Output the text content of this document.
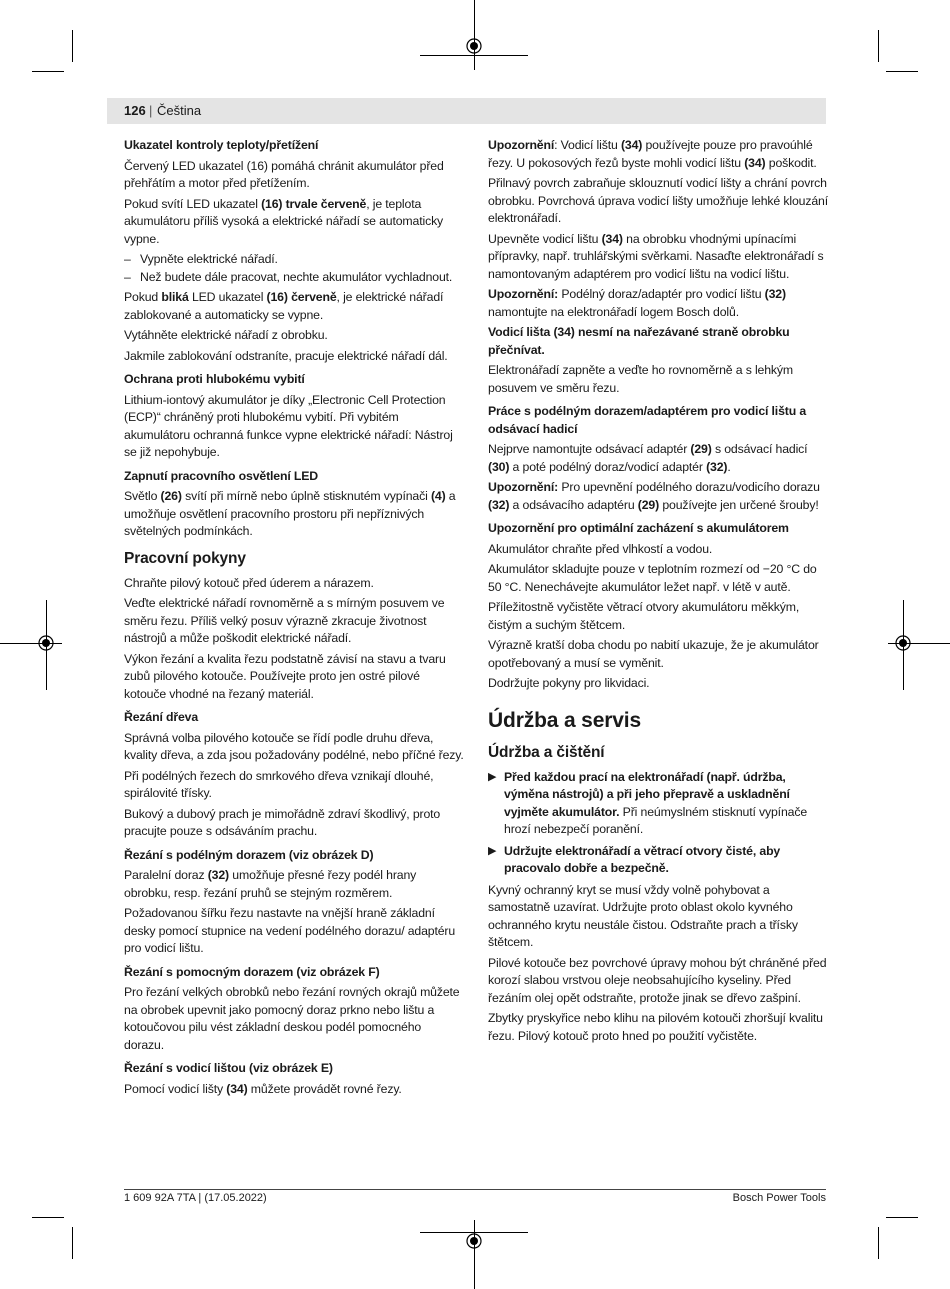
126 | Čeština
Ukazatel kontroly teploty/přetížení

Červený LED ukazatel (16) pomáhá chránit akumulátor před přehřátím a motor před přetížením.

Pokud svítí LED ukazatel (16) trvale červeně, je teplota akumulátoru příliš vysoká a elektrické nářadí se automaticky vypne.

– Vypněte elektrické nářadí.
– Než budete dále pracovat, nechte akumulátor vychladnout.

Pokud bliká LED ukazatel (16) červeně, je elektrické nářadí zablokované a automaticky se vypne.

Vytáhněte elektrické nářadí z obrobku.

Jakmile zablokování odstraníte, pracuje elektrické nářadí dál.

Ochrana proti hlubokému vybití

Lithium-iontový akumulátor je díky „Electronic Cell Protection (ECP)“ chráněný proti hlubokému vybití. Při vybitém akumulátoru ochranná funkce vypne elektrické nářadí: Nástroj se již nepohybuje.

Zapnutí pracovního osvětlení LED

Světlo (26) svítí při mírně nebo úplně stisknutém vypínači (4) a umožňuje osvětlení pracovního prostoru při nepříznivých světelných podmínkách.

Pracovní pokyny

Chraňte pilový kotouč před úderem a nárazem.

Veďte elektrické nářadí rovnoměrně a s mírným posuvem ve směru řezu. Příliš velký posuv výrazně zkracuje životnost nástrojů a může poškodit elektrické nářadí.

Výkon řezání a kvalita řezu podstatně závisí na stavu a tvaru zubů pilového kotouče. Používejte proto jen ostré pilové kotouče vhodné na řezaný materiál.

Řezání dřeva

Správná volba pilového kotouče se řídí podle druhu dřeva, kvality dřeva, a zda jsou požadovány podélné, nebo příčné řezy.

Při podélných řezech do smrkového dřeva vznikají dlouhé, spirálovité třísky.

Bukový a dubový prach je mimořádně zdraví škodlivý, proto pracujte pouze s odsáváním prachu.

Řezání s podélným dorazem (viz obrázek D)

Paralelní doraz (32) umožňuje přesné řezy podél hrany obrobku, resp. řezání pruhů se stejným rozměrem.

Požadovanou šířku řezu nastavte na vnější hraně základní desky pomocí stupnice na vedení podélného dorazu/ adaptéru pro vodicí lištu.

Řezání s pomocným dorazem (viz obrázek F)

Pro řezání velkých obrobků nebo řezání rovných okrajů můžete na obrobek upevnit jako pomocný doraz prkno nebo lištu a kotoučovou pilu vést základní deskou podél pomocného dorazu.

Řezání s vodicí lištou (viz obrázek E)

Pomocí vodicí lišty (34) můžete provádět rovné řezy.

Upozornění: Vodicí lištu (34) používejte pouze pro pravoúhlé řezy. U pokosových řezů byste mohli vodicí lištu (34) poškodit.

Přilnavý povrch zabraňuje sklouznutí vodicí lišty a chrání povrch obrobku. Povrchová úprava vodicí lišty umožňuje lehké klouzání elektronářadí.

Upevněte vodicí lištu (34) na obrobku vhodnými upínacími přípravky, např. truhlářskými svěrkami. Nasaďte elektronářadí s namontovaným adaptérem pro vodicí lištu na vodicí lištu.

Upozornění: Podélný doraz/adaptér pro vodicí lištu (32) namontujte na elektronářadí logem Bosch dolů.

Vodicí lišta (34) nesmí na nařezávané straně obrobku přečnívat.

Elektronářadí zapněte a veďte ho rovnoměrně a s lehkým posuvem ve směru řezu.

Práce s podélným dorazem/adaptérem pro vodicí lištu a odsávací hadicí

Nejprve namontujte odsávací adaptér (29) s odsávací hadicí (30) a poté podélný doraz/vodicí adaptér (32).

Upozornění: Pro upevnění podélného dorazu/vodicího dorazu (32) a odsávacího adaptéru (29) používejte jen určené šrouby!

Upozornění pro optimální zacházení s akumulátorem

Akumulátor chraňte před vlhkostí a vodou.

Akumulátor skladujte pouze v teplotním rozmezí od −20 °C do 50 °C. Nenechávejte akumulátor ležet např. v létě v autě.

Příležitostně vyčistěte větrací otvory akumulátoru měkkým, čistým a suchým štětcem.

Výrazně kratší doba chodu po nabití ukazuje, že je akumulátor opotřebovaný a musí se vyměnit.

Dodržujte pokyny pro likvidaci.

Údržba a servis
Údržba a čištění
▶ Před každou prací na elektronářadí (např. údržba, výměna nástrojů) a při jeho přepravě a uskladnění vyjměte akumulátor. Při neúmyslném stisknutí vypínače hrozí nebezpečí poranění.
▶ Udržujte elektronářadí a větrací otvory čisté, aby pracovalo dobře a bezpečně.

Kyvný ochranný kryt se musí vždy volně pohybovat a samostatně uzavírat. Udržujte proto oblast okolo kyvného ochranného krytu neustále čistou. Odstraňte prach a třísky štětcem.

Pilové kotouče bez povrchové úpravy mohou být chráněné před korozí slabou vrstvou oleje neobsahujícího kyseliny. Před řezáním olej opět odstraňte, protože jinak se dřevo zašpiní.

Zbytky pryskyřice nebo klihu na pilovém kotouči zhoršují kvalitu řezu. Pilový kotouč proto hned po použití vyčistěte.

1 609 92A 7TA | (17.05.2022)	Bosch Power Tools
